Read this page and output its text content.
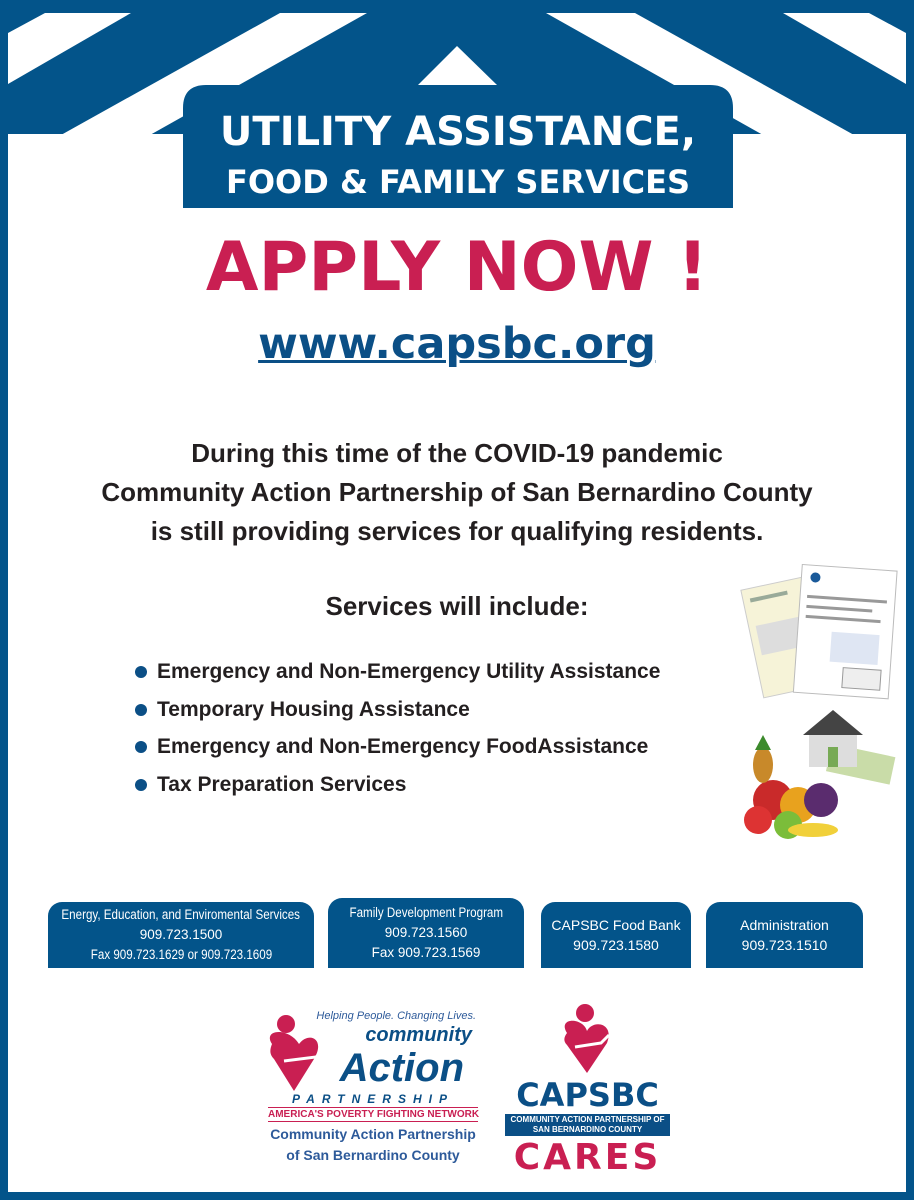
UTILITY ASSISTANCE,
FOOD & FAMILY SERVICES
APPLY NOW !
www.capsbc.org
During this time of the COVID-19 pandemic
Community Action Partnership of San Bernardino County
is still providing services for qualifying residents.
Services will include:
Emergency and Non-Emergency Utility Assistance
Temporary Housing Assistance
Emergency and Non-Emergency FoodAssistance
Tax Preparation Services
Energy, Education, and Enviromental Services
909.723.1500
Fax 909.723.1629 or 909.723.1609
Family Development Program
909.723.1560
Fax 909.723.1569
CAPSBC Food Bank
909.723.1580
Administration
909.723.1510
Helping People. Changing Lives.
community
Action
PARTNERSHIP
AMERICA'S POVERTY FIGHTING NETWORK
Community Action Partnership
of San Bernardino County
CAPSBC
COMMUNITY ACTION PARTNERSHIP OF SAN BERNARDINO COUNTY
CARES
